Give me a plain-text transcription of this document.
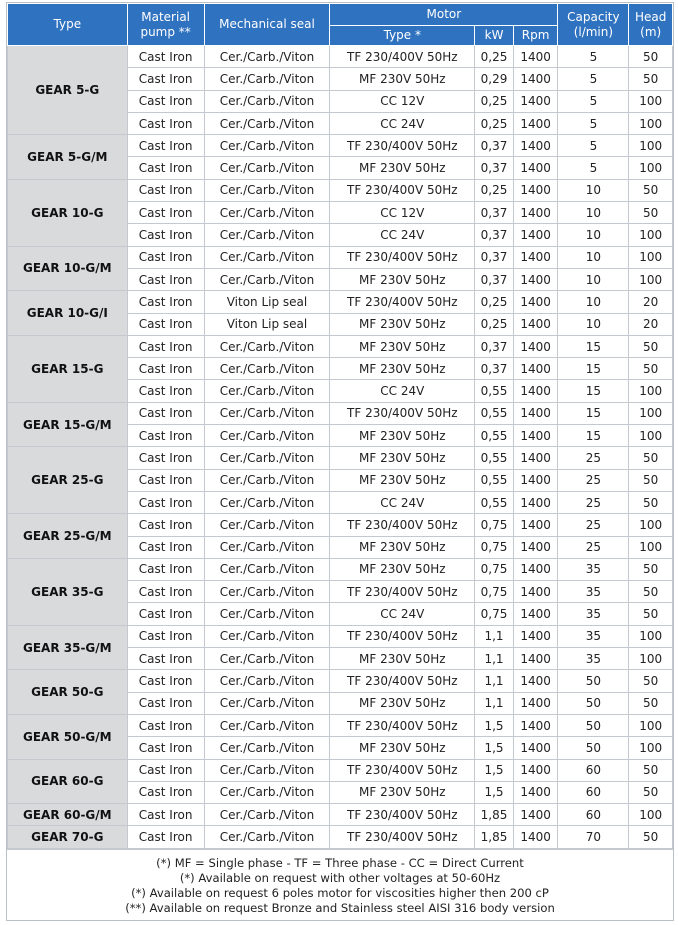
Type	Material pump **	Mechanical seal	Motor			Capacity (l/min)	Head (m)
			Type *	kW	Rpm		
GEAR 5-G	Cast Iron	Cer./Carb./Viton	TF 230/400V 50Hz	0,25	1400	5	50
	Cast Iron	Cer./Carb./Viton	MF 230V 50Hz	0,29	1400	5	50
	Cast Iron	Cer./Carb./Viton	CC 12V	0,25	1400	5	100
	Cast Iron	Cer./Carb./Viton	CC 24V	0,25	1400	5	100
GEAR 5-G/M	Cast Iron	Cer./Carb./Viton	TF 230/400V 50Hz	0,37	1400	5	100
	Cast Iron	Cer./Carb./Viton	MF 230V 50Hz	0,37	1400	5	100
GEAR 10-G	Cast Iron	Cer./Carb./Viton	TF 230/400V 50Hz	0,25	1400	10	50
	Cast Iron	Cer./Carb./Viton	CC 12V	0,37	1400	10	50
	Cast Iron	Cer./Carb./Viton	CC 24V	0,37	1400	10	100
GEAR 10-G/M	Cast Iron	Cer./Carb./Viton	TF 230/400V 50Hz	0,37	1400	10	100
	Cast Iron	Cer./Carb./Viton	MF 230V 50Hz	0,37	1400	10	100
GEAR 10-G/I	Cast Iron	Viton Lip seal	TF 230/400V 50Hz	0,25	1400	10	20
	Cast Iron	Viton Lip seal	MF 230V 50Hz	0,25	1400	10	20
GEAR 15-G	Cast Iron	Cer./Carb./Viton	MF 230V 50Hz	0,37	1400	15	50
	Cast Iron	Cer./Carb./Viton	MF 230V 50Hz	0,37	1400	15	50
	Cast Iron	Cer./Carb./Viton	CC 24V	0,55	1400	15	100
GEAR 15-G/M	Cast Iron	Cer./Carb./Viton	TF 230/400V 50Hz	0,55	1400	15	100
	Cast Iron	Cer./Carb./Viton	MF 230V 50Hz	0,55	1400	15	100
GEAR 25-G	Cast Iron	Cer./Carb./Viton	MF 230V 50Hz	0,55	1400	25	50
	Cast Iron	Cer./Carb./Viton	MF 230V 50Hz	0,55	1400	25	50
	Cast Iron	Cer./Carb./Viton	CC 24V	0,55	1400	25	50
GEAR 25-G/M	Cast Iron	Cer./Carb./Viton	TF 230/400V 50Hz	0,75	1400	25	100
	Cast Iron	Cer./Carb./Viton	MF 230V 50Hz	0,75	1400	25	100
GEAR 35-G	Cast Iron	Cer./Carb./Viton	MF 230V 50Hz	0,75	1400	35	50
	Cast Iron	Cer./Carb./Viton	TF 230/400V 50Hz	0,75	1400	35	50
	Cast Iron	Cer./Carb./Viton	CC 24V	0,75	1400	35	50
GEAR 35-G/M	Cast Iron	Cer./Carb./Viton	TF 230/400V 50Hz	1,1	1400	35	100
	Cast Iron	Cer./Carb./Viton	MF 230V 50Hz	1,1	1400	35	100
GEAR 50-G	Cast Iron	Cer./Carb./Viton	TF 230/400V 50Hz	1,1	1400	50	50
	Cast Iron	Cer./Carb./Viton	MF 230V 50Hz	1,1	1400	50	50
GEAR 50-G/M	Cast Iron	Cer./Carb./Viton	TF 230/400V 50Hz	1,5	1400	50	100
	Cast Iron	Cer./Carb./Viton	MF 230V 50Hz	1,5	1400	50	100
GEAR 60-G	Cast Iron	Cer./Carb./Viton	TF 230/400V 50Hz	1,5	1400	60	50
	Cast Iron	Cer./Carb./Viton	MF 230V 50Hz	1,5	1400	60	50
GEAR 60-G/M	Cast Iron	Cer./Carb./Viton	TF 230/400V 50Hz	1,85	1400	60	100
GEAR 70-G	Cast Iron	Cer./Carb./Viton	TF 230/400V 50Hz	1,85	1400	70	50
(*) MF = Single phase - TF = Three phase - CC = Direct Current
(*) Available on request with other voltages at 50-60Hz
(*) Available on request 6 poles motor for viscosities higher then 200 cP
(**) Available on request Bronze and Stainless steel AISI 316 body version
